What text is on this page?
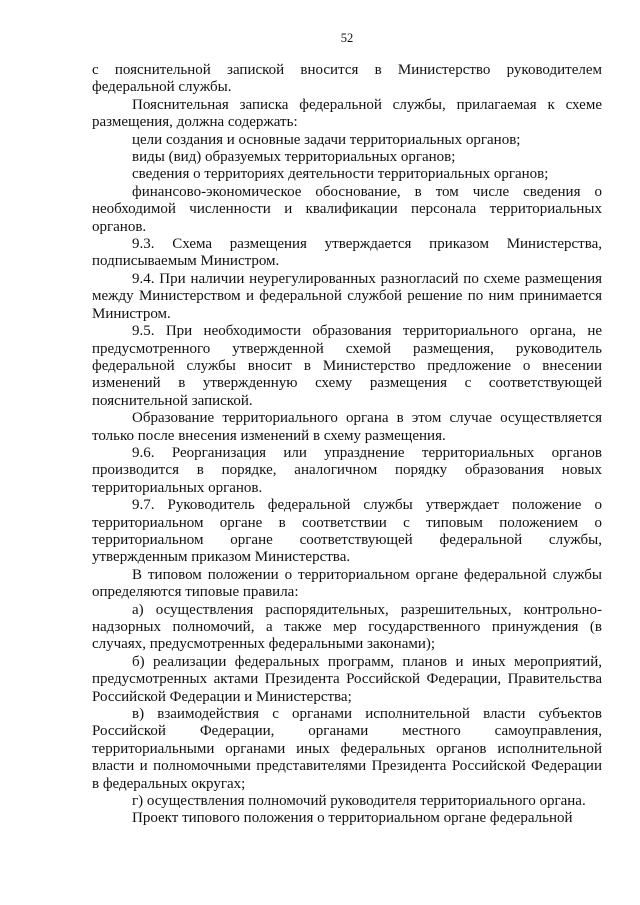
52

с пояснительной запиской вносится в Министерство руководителем федеральной службы.

Пояснительная записка федеральной службы, прилагаемая к схеме размещения, должна содержать:

цели создания и основные задачи территориальных органов;

виды (вид) образуемых территориальных органов;

сведения о территориях деятельности территориальных органов;

финансово-экономическое обоснование, в том числе сведения о необходимой численности и квалификации персонала территориальных органов.

9.3. Схема размещения утверждается приказом Министерства, подписываемым Министром.

9.4. При наличии неурегулированных разногласий по схеме размещения между Министерством и федеральной службой решение по ним принимается Министром.

9.5. При необходимости образования территориального органа, не предусмотренного утвержденной схемой размещения, руководитель федеральной службы вносит в Министерство предложение о внесении изменений в утвержденную схему размещения с соответствующей пояснительной запиской.

Образование территориального органа в этом случае осуществляется только после внесения изменений в схему размещения.

9.6. Реорганизация или упразднение территориальных органов производится в порядке, аналогичном порядку образования новых территориальных органов.

9.7. Руководитель федеральной службы утверждает положение о территориальном органе в соответствии с типовым положением о территориальном органе соответствующей федеральной службы, утвержденным приказом Министерства.

В типовом положении о территориальном органе федеральной службы определяются типовые правила:

а) осуществления распорядительных, разрешительных, контрольно-надзорных полномочий, а также мер государственного принуждения (в случаях, предусмотренных федеральными законами);

б) реализации федеральных программ, планов и иных мероприятий, предусмотренных актами Президента Российской Федерации, Правительства Российской Федерации и Министерства;

в) взаимодействия с органами исполнительной власти субъектов Российской Федерации, органами местного самоуправления, территориальными органами иных федеральных органов исполнительной власти и полномочными представителями Президента Российской Федерации в федеральных округах;

г) осуществления полномочий руководителя территориального органа.

Проект типового положения о территориальном органе федеральной
